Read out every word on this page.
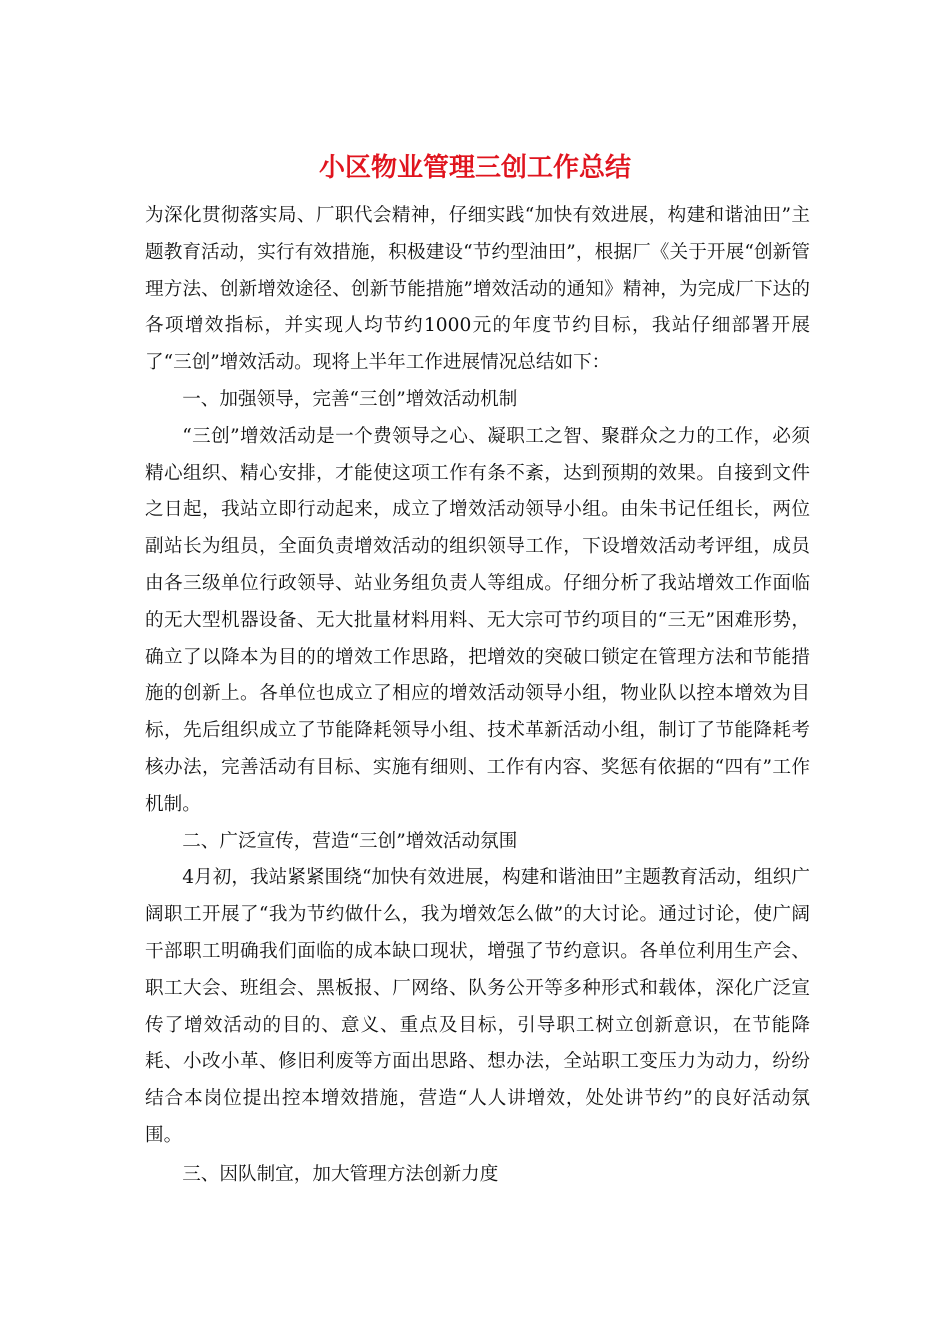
小区物业管理三创工作总结

为深化贯彻落实局、厂职代会精神，仔细实践“加快有效进展，构建和谐油田”主题教育活动，实行有效措施，积极建设“节约型油田”，根据厂《关于开展“创新管理方法、创新增效途径、创新节能措施”增效活动的通知》精神，为完成厂下达的各项增效指标，并实现人均节约1000元的年度节约目标，我站仔细部署开展了“三创”增效活动。现将上半年工作进展情况总结如下：

一、加强领导，完善“三创”增效活动机制

“三创”增效活动是一个费领导之心、凝职工之智、聚群众之力的工作，必须精心组织、精心安排，才能使这项工作有条不紊，达到预期的效果。自接到文件之日起，我站立即行动起来，成立了增效活动领导小组。由朱书记任组长，两位副站长为组员，全面负责增效活动的组织领导工作，下设增效活动考评组，成员由各三级单位行政领导、站业务组负责人等组成。仔细分析了我站增效工作面临的无大型机器设备、无大批量材料用料、无大宗可节约项目的“三无”困难形势，确立了以降本为目的的增效工作思路，把增效的突破口锁定在管理方法和节能措施的创新上。各单位也成立了相应的增效活动领导小组，物业队以控本增效为目标，先后组织成立了节能降耗领导小组、技术革新活动小组，制订了节能降耗考核办法，完善活动有目标、实施有细则、工作有内容、奖惩有依据的“四有”工作机制。

二、广泛宣传，营造“三创”增效活动氛围

4月初，我站紧紧围绕“加快有效进展，构建和谐油田”主题教育活动，组织广阔职工开展了“我为节约做什么，我为增效怎么做”的大讨论。通过讨论，使广阔干部职工明确我们面临的成本缺口现状，增强了节约意识。各单位利用生产会、职工大会、班组会、黑板报、厂网络、队务公开等多种形式和载体，深化广泛宣传了增效活动的目的、意义、重点及目标，引导职工树立创新意识，在节能降耗、小改小革、修旧利废等方面出思路、想办法，全站职工变压力为动力，纷纷结合本岗位提出控本增效措施，营造“人人讲增效，处处讲节约”的良好活动氛围。

三、因队制宜，加大管理方法创新力度
